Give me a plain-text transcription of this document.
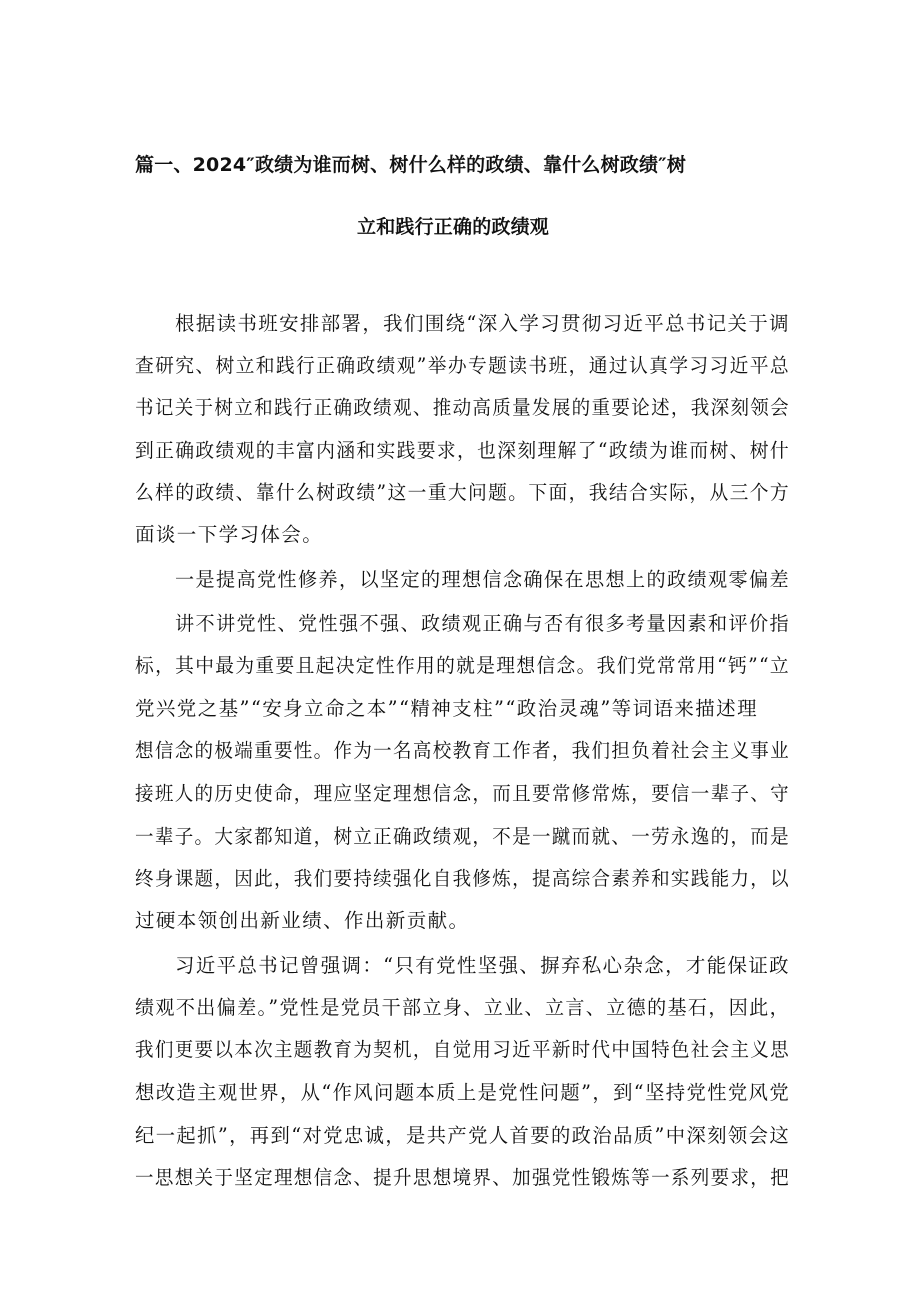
篇一、2024″政绩为谁而树、树什么样的政绩、靠什么树政绩″树
立和践行正确的政绩观
根据读书班安排部署，我们围绕“深入学习贯彻习近平总书记关于调
查研究、树立和践行正确政绩观”举办专题读书班，通过认真学习习近平总
书记关于树立和践行正确政绩观、推动高质量发展的重要论述，我深刻领会
到正确政绩观的丰富内涵和实践要求，也深刻理解了“政绩为谁而树、树什
么样的政绩、靠什么树政绩”这一重大问题。下面，我结合实际，从三个方
面谈一下学习体会。
一是提高党性修养，以坚定的理想信念确保在思想上的政绩观零偏差
讲不讲党性、党性强不强、政绩观正确与否有很多考量因素和评价指
标，其中最为重要且起决定性作用的就是理想信念。我们党常常用“钙”“立
党兴党之基”“安身立命之本”“精神支柱”“政治灵魂”等词语来描述理
想信念的极端重要性。作为一名高校教育工作者，我们担负着社会主义事业
接班人的历史使命，理应坚定理想信念，而且要常修常炼，要信一辈子、守
一辈子。大家都知道，树立正确政绩观，不是一蹴而就、一劳永逸的，而是
终身课题，因此，我们要持续强化自我修炼，提高综合素养和实践能力，以
过硬本领创出新业绩、作出新贡献。
习近平总书记曾强调：“只有党性坚强、摒弃私心杂念，才能保证政
绩观不出偏差。”党性是党员干部立身、立业、立言、立德的基石，因此，
我们更要以本次主题教育为契机，自觉用习近平新时代中国特色社会主义思
想改造主观世界，从“作风问题本质上是党性问题”，到“坚持党性党风党
纪一起抓”，再到“对党忠诚，是共产党人首要的政治品质”中深刻领会这
一思想关于坚定理想信念、提升思想境界、加强党性锻炼等一系列要求，把
